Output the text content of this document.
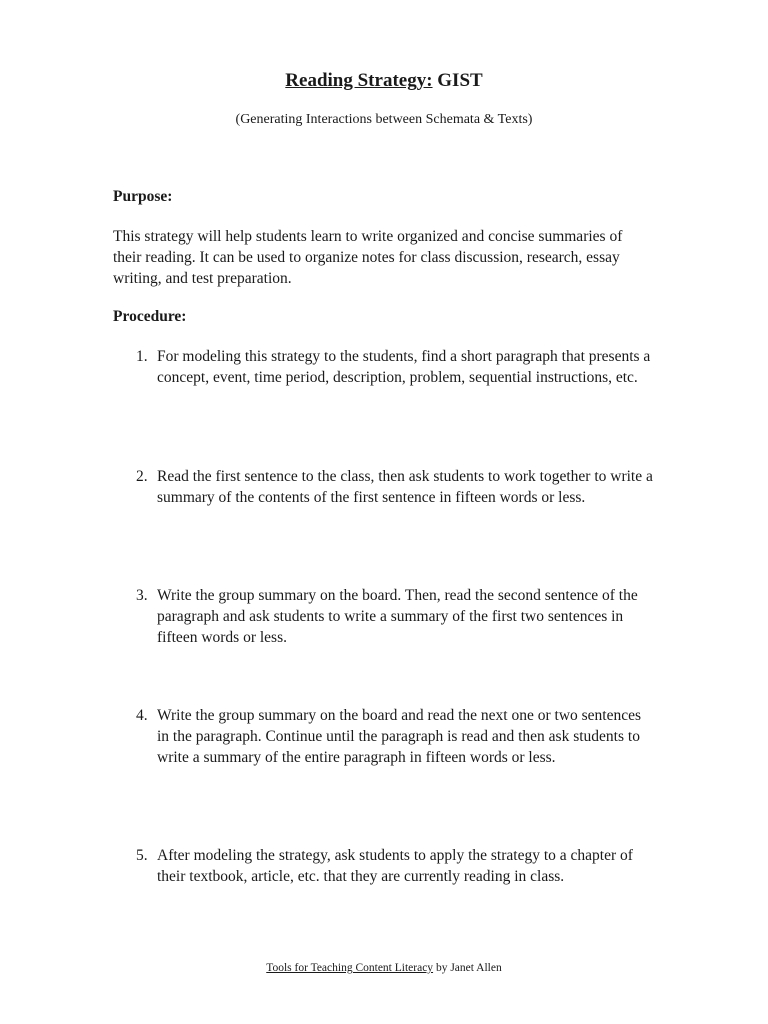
Reading Strategy: GIST
(Generating Interactions between Schemata & Texts)
Purpose:

This strategy will help students learn to write organized and concise summaries of their reading. It can be used to organize notes for class discussion, research, essay writing, and test preparation.

Procedure:
1. For modeling this strategy to the students, find a short paragraph that presents a concept, event, time period, description, problem, sequential instructions, etc.
2. Read the first sentence to the class, then ask students to work together to write a summary of the contents of the first sentence in fifteen words or less.
3. Write the group summary on the board. Then, read the second sentence of the paragraph and ask students to write a summary of the first two sentences in fifteen words or less.
4. Write the group summary on the board and read the next one or two sentences in the paragraph. Continue until the paragraph is read and then ask students to write a summary of the entire paragraph in fifteen words or less.
5. After modeling the strategy, ask students to apply the strategy to a chapter of their textbook, article, etc. that they are currently reading in class.
Tools for Teaching Content Literacy by Janet Allen
